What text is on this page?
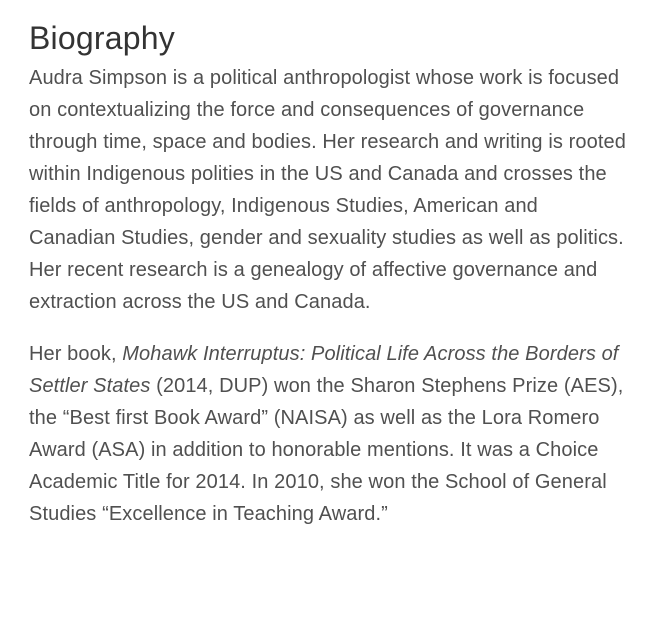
Biography

Audra Simpson is a political anthropologist whose work is focused on contextualizing the force and consequences of governance through time, space and bodies. Her research and writing is rooted within Indigenous polities in the US and Canada and crosses the fields of anthropology, Indigenous Studies, American and Canadian Studies, gender and sexuality studies as well as politics. Her recent research is a genealogy of affective governance and extraction across the US and Canada.

Her book, Mohawk Interruptus: Political Life Across the Borders of Settler States (2014, DUP) won the Sharon Stephens Prize (AES), the “Best first Book Award” (NAISA) as well as the Lora Romero Award (ASA) in addition to honorable mentions. It was a Choice Academic Title for 2014. In 2010, she won the School of General Studies “Excellence in Teaching Award.”
